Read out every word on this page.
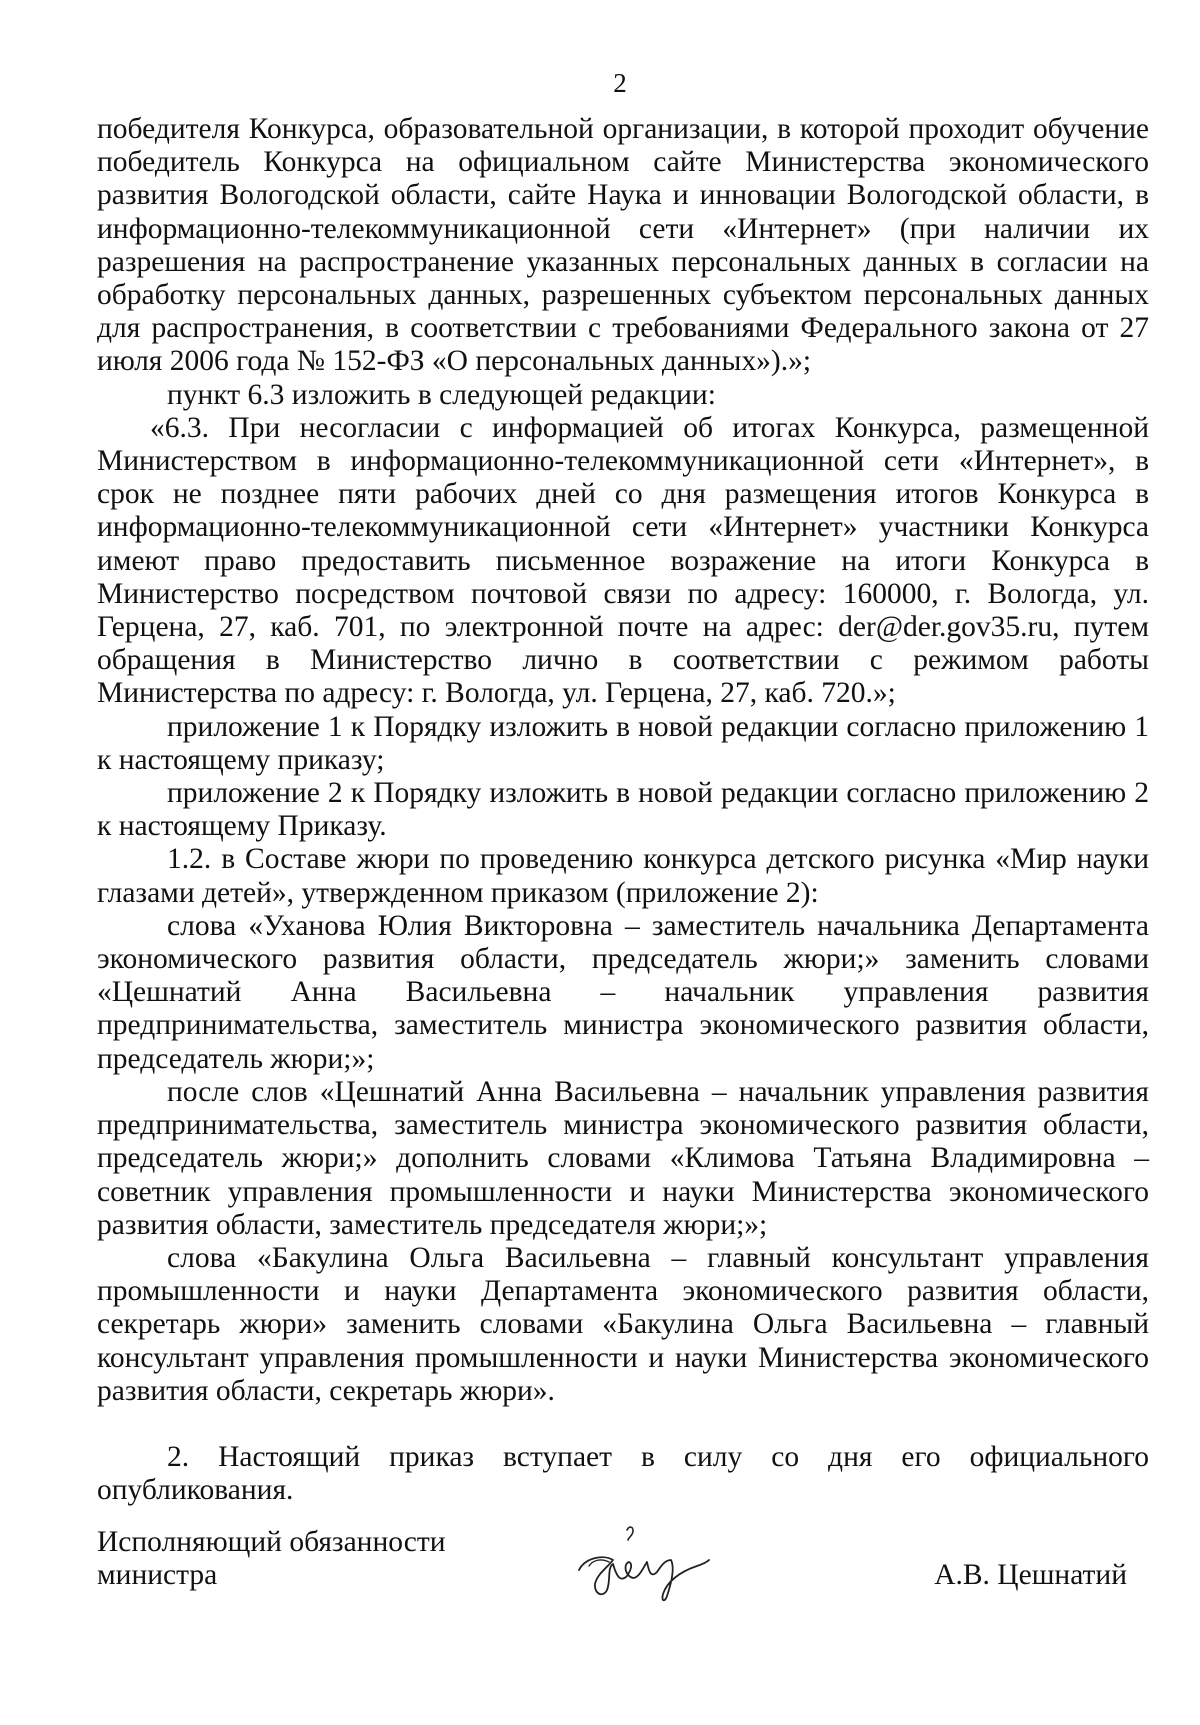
2

победителя Конкурса, образовательной организации, в которой проходит обучение победитель Конкурса на официальном сайте Министерства экономического развития Вологодской области, сайте Наука и инновации Вологодской области, в информационно-телекоммуникационной сети «Интернет» (при наличии их разрешения на распространение указанных персональных данных в согласии на обработку персональных данных, разрешенных субъектом персональных данных для распространения, в соответствии с требованиями Федерального закона от 27 июля 2006 года № 152-ФЗ «О персональных данных»).»;

пункт 6.3 изложить в следующей редакции:

«6.3. При несогласии с информацией об итогах Конкурса, размещенной Министерством в информационно-телекоммуникационной сети «Интернет», в срок не позднее пяти рабочих дней со дня размещения итогов Конкурса в информационно-телекоммуникационной сети «Интернет» участники Конкурса имеют право предоставить письменное возражение на итоги Конкурса в Министерство посредством почтовой связи по адресу: 160000, г. Вологда, ул. Герцена, 27, каб. 701, по электронной почте на адрес: der@der.gov35.ru, путем обращения в Министерство лично в соответствии с режимом работы Министерства по адресу: г. Вологда, ул. Герцена, 27, каб. 720.»;

приложение 1 к Порядку изложить в новой редакции согласно приложению 1 к настоящему приказу;

приложение 2 к Порядку изложить в новой редакции согласно приложению 2 к настоящему Приказу.

1.2. в Составе жюри по проведению конкурса детского рисунка «Мир науки глазами детей», утвержденном приказом (приложение 2):

слова «Уханова Юлия Викторовна – заместитель начальника Департамента экономического развития области, председатель жюри;» заменить словами «Цешнатий Анна Васильевна – начальник управления развития предпринимательства, заместитель министра экономического развития области, председатель жюри;»;

после слов «Цешнатий Анна Васильевна – начальник управления развития предпринимательства, заместитель министра экономического развития области, председатель жюри;» дополнить словами «Климова Татьяна Владимировна – советник управления промышленности и науки Министерства экономического развития области, заместитель председателя жюри;»;

слова «Бакулина Ольга Васильевна – главный консультант управления промышленности и науки Департамента экономического развития области, секретарь жюри» заменить словами «Бакулина Ольга Васильевна – главный консультант управления промышленности и науки Министерства экономического развития области, секретарь жюри».

2. Настоящий приказ вступает в силу со дня его официального опубликования.

Исполняющий обязанности
министра	А.В. Цешнатий
